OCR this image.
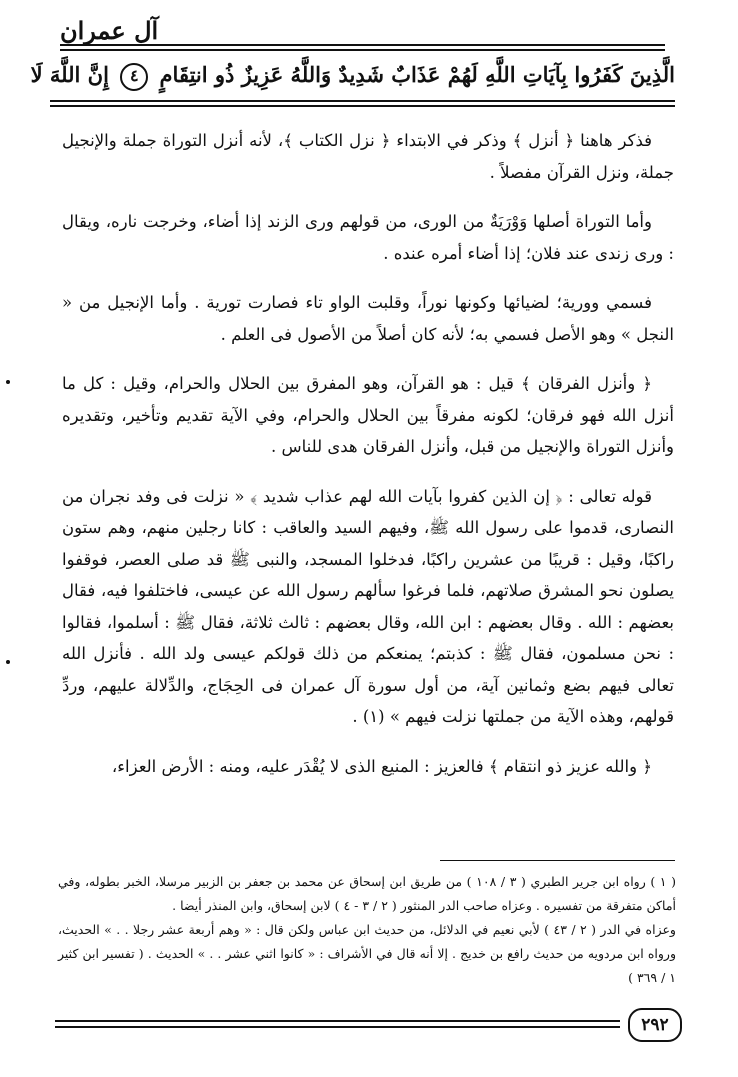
آل عمران
الَّذِينَ كَفَرُوا بِآيَاتِ اللَّهِ لَهُمْ عَذَابٌ شَدِيدٌ وَاللَّهُ عَزِيزٌ ذُو انتِقَامٍ ٤ إِنَّ اللَّهَ لَا

فذكر هاهنا ﴿ أنزل ﴾ وذكر في الابتداء ﴿ نزل الكتاب ﴾، لأنه أنزل التوراة جملة والإنجيل جملة، ونزل القرآن مفصلاً .

وأما التوراة أصلها وَوْرَيَةٌ من الورى، من قولهم ورى الزند إذا أضاء، وخرجت ناره، ويقال : ورى زندى عند فلان؛ إذا أضاء أمره عنده .

فسمي وورية؛ لضيائها وكونها نوراً، وقلبت الواو تاء فصارت تورية . وأما الإنجيل من « النجل » وهو الأصل فسمي به؛ لأنه كان أصلاً من الأصول فى العلم .

﴿ وأنزل الفرقان ﴾ قيل : هو القرآن، وهو المفرق بين الحلال والحرام، وقيل : كل ما أنزل الله فهو فرقان؛ لكونه مفرقاً بين الحلال والحرام، وفي الآية تقديم وتأخير، وتقديره وأنزل التوراة والإنجيل من قبل، وأنزل الفرقان هدى للناس .

قوله تعالى : ﴿ إن الذين كفروا بآيات الله لهم عذاب شديد ﴾ « نزلت فى وفد نجران من النصارى، قدموا على رسول الله ﷺ، وفيهم السيد والعاقب : كانا رجلين منهم، وهم ستون راكبًا، وقيل : قريبًا من عشرين راكبًا، فدخلوا المسجد، والنبى ﷺ قد صلى العصر، فوقفوا يصلون نحو المشرق صلاتهم، فلما فرغوا سألهم رسول الله عن عيسى، فاختلفوا فيه، فقال بعضهم : الله . وقال بعضهم : ابن الله، وقال بعضهم : ثالث ثلاثة، فقال ﷺ : أسلموا، فقالوا : نحن مسلمون، فقال ﷺ : كذبتم؛ يمنعكم من ذلك قولكم عيسى ولد الله . فأنزل الله تعالى فيهم بضع وثمانين آية، من أول سورة آل عمران فى الحِجَاج، والدِّلالة عليهم، وردِّ قولهم، وهذه الآية من جملتها نزلت فيهم » (١) .

﴿ والله عزيز ذو انتقام ﴾ فالعزيز : المنيع الذى لا يُقْدَر عليه، ومنه : الأرض العزاء،

( ١ ) رواه ابن جرير الطبري ( ٣ / ١٠٨ ) من طريق ابن إسحاق عن محمد بن جعفر بن الزبير مرسلا، الخبر بطوله، وفي أماكن متفرقة من تفسيره . وعزاه صاحب الدر المنثور ( ٢ / ٣ - ٤ ) لابن إسحاق، وابن المنذر أيضا .

وعزاه في الدر ( ٢ / ٤٣ ) لأبي نعيم في الدلائل، من حديث ابن عباس ولكن قال : « وهم أربعة عشر رجلا . . » الحديث، ورواه ابن مردويه من حديث رافع بن خديج . إلا أنه قال في الأشراف : « كانوا اثني عشر . . » الحديث . ( تفسير ابن كثير ١ / ٣٦٩ )

٢٩٢
